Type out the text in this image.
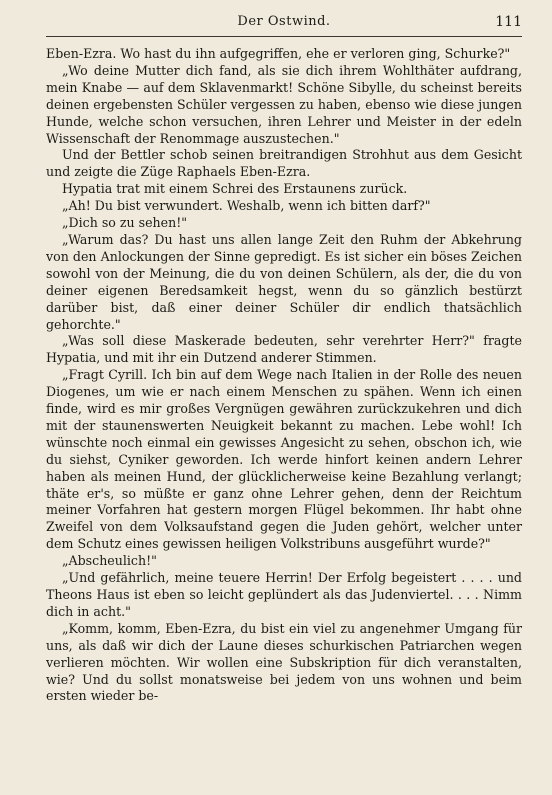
Der Ostwind.	111

Eben-Ezra. Wo hast du ihn aufgegriffen, ehe er verloren ging, Schurke?"

„Wo deine Mutter dich fand, als sie dich ihrem Wohlthäter aufdrang, mein Knabe — auf dem Sklavenmarkt! Schöne Sibylle, du scheinst bereits deinen ergebensten Schüler vergessen zu haben, ebenso wie diese jungen Hunde, welche schon versuchen, ihren Lehrer und Meister in der edeln Wissenschaft der Renommage auszustechen."

Und der Bettler schob seinen breitrandigen Strohhut aus dem Gesicht und zeigte die Züge Raphaels Eben-Ezra.

Hypatia trat mit einem Schrei des Erstaunens zurück.

„Ah! Du bist verwundert. Weshalb, wenn ich bitten darf?"

„Dich so zu sehen!"

„Warum das? Du hast uns allen lange Zeit den Ruhm der Abkehrung von den Anlockungen der Sinne gepredigt. Es ist sicher ein böses Zeichen sowohl von der Meinung, die du von deinen Schülern, als der, die du von deiner eigenen Beredsamkeit hegst, wenn du so gänzlich bestürzt darüber bist, daß einer deiner Schüler dir endlich thatsächlich gehorchte."

„Was soll diese Maskerade bedeuten, sehr verehrter Herr?" fragte Hypatia, und mit ihr ein Dutzend anderer Stimmen.

„Fragt Cyrill. Ich bin auf dem Wege nach Italien in der Rolle des neuen Diogenes, um wie er nach einem Menschen zu spähen. Wenn ich einen finde, wird es mir großes Vergnügen gewähren zurückzukehren und dich mit der staunenswerten Neuigkeit bekannt zu machen. Lebe wohl! Ich wünschte noch einmal ein gewisses Angesicht zu sehen, obschon ich, wie du siehst, Cyniker geworden. Ich werde hinfort keinen andern Lehrer haben als meinen Hund, der glücklicherweise keine Bezahlung verlangt; thäte er's, so müßte er ganz ohne Lehrer gehen, denn der Reichtum meiner Vorfahren hat gestern morgen Flügel bekommen. Ihr habt ohne Zweifel von dem Volksaufstand gegen die Juden gehört, welcher unter dem Schutz eines gewissen heiligen Volkstribuns ausgeführt wurde?"

„Abscheulich!"

„Und gefährlich, meine teuere Herrin! Der Erfolg begeistert . . . . und Theons Haus ist eben so leicht geplündert als das Judenviertel. . . . Nimm dich in acht."

„Komm, komm, Eben-Ezra, du bist ein viel zu angenehmer Umgang für uns, als daß wir dich der Laune dieses schurkischen Patriarchen wegen verlieren möchten. Wir wollen eine Subskription für dich veranstalten, wie? Und du sollst monatsweise bei jedem von uns wohnen und beim ersten wieder be-
